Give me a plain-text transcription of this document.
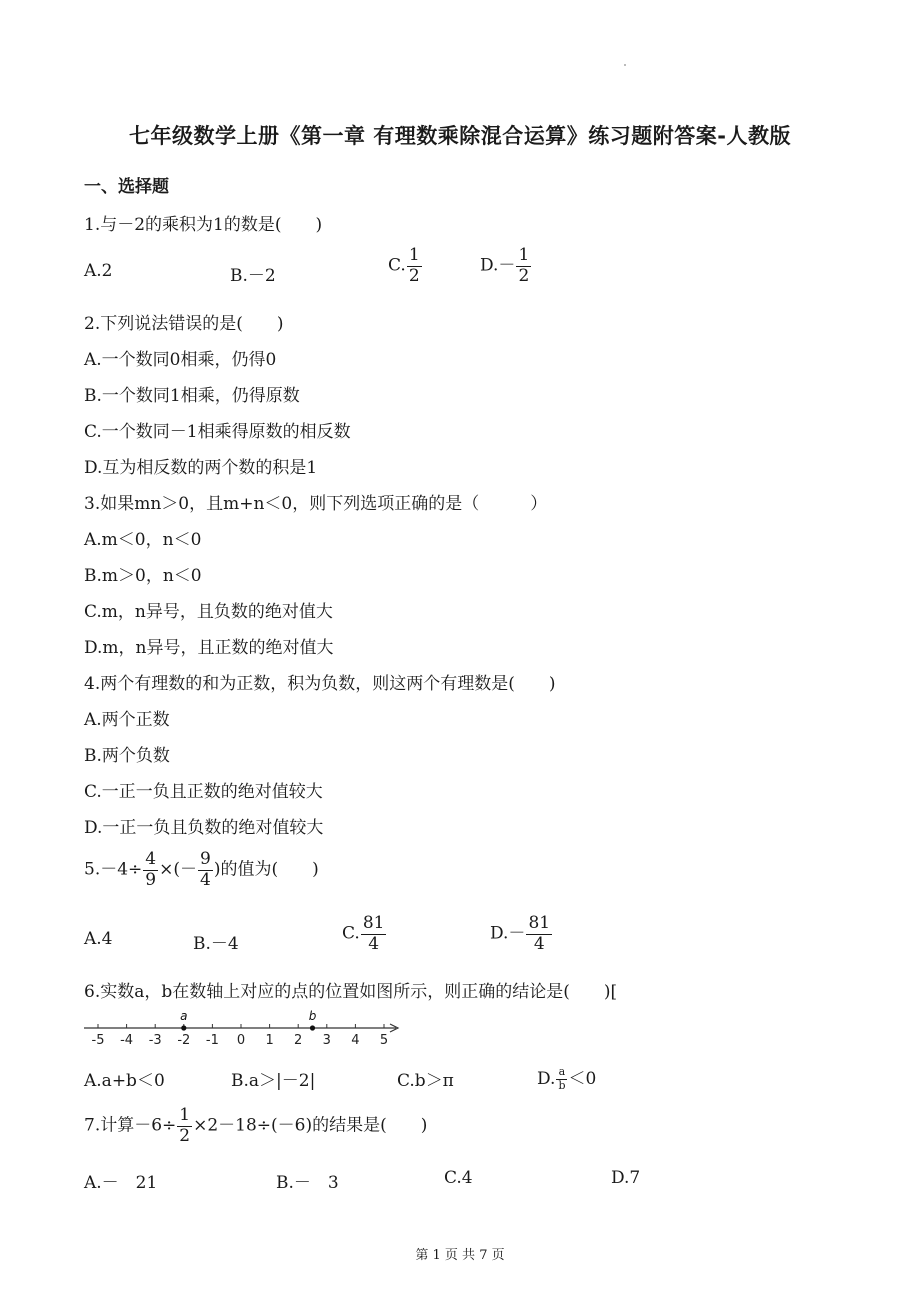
七年级数学上册《第一章 有理数乘除混合运算》练习题附答案-人教版
一、选择题
1.与－2的乘积为1的数是(　　)
A.2	B.－2
C. $\frac{1}{2}$	$D.- \frac{1}{2}$
2.下列说法错误的是(　　)
A.一个数同0相乘，仍得0
B.一个数同1相乘，仍得原数
C.一个数同－1相乘得原数的相反数
D.互为相反数的两个数的积是1
3.如果mn＞0，且m+n＜0，则下列选项正确的是（　　　）
A.m＜0，n＜0
B.m＞0，n＜0
C.m，n异号，且负数的绝对值大
D.m，n异号，且正数的绝对值大
4.两个有理数的和为正数，积为负数，则这两个有理数是(　　)
A.两个正数
B.两个负数
C.一正一负且正数的绝对值较大
D.一正一负且负数的绝对值较大
$5.-4\div \frac{4}{9}$ ×(－ $\frac{9}{4}$ )的值为(　　)
A.4	B.－4
C. $\frac{81}{4}$	$D.- \frac{81}{4}$
6.实数a，b在数轴上对应的点的位置如图所示，则正确的结论是(　　)[
-5 -4 -3 -2 -1 0 1 2 3 4 5
a	b
A.a+b＜0	B.a＞|－2|	C.b＞π	D. $\frac{a}{b} <0$
7.计算$-6\div \frac{1}{2} \times 2-18\div(-6)$的结果是(　　)
A.－　21	B.－　3	C.4	D.7
第 1 页 共 7 页
